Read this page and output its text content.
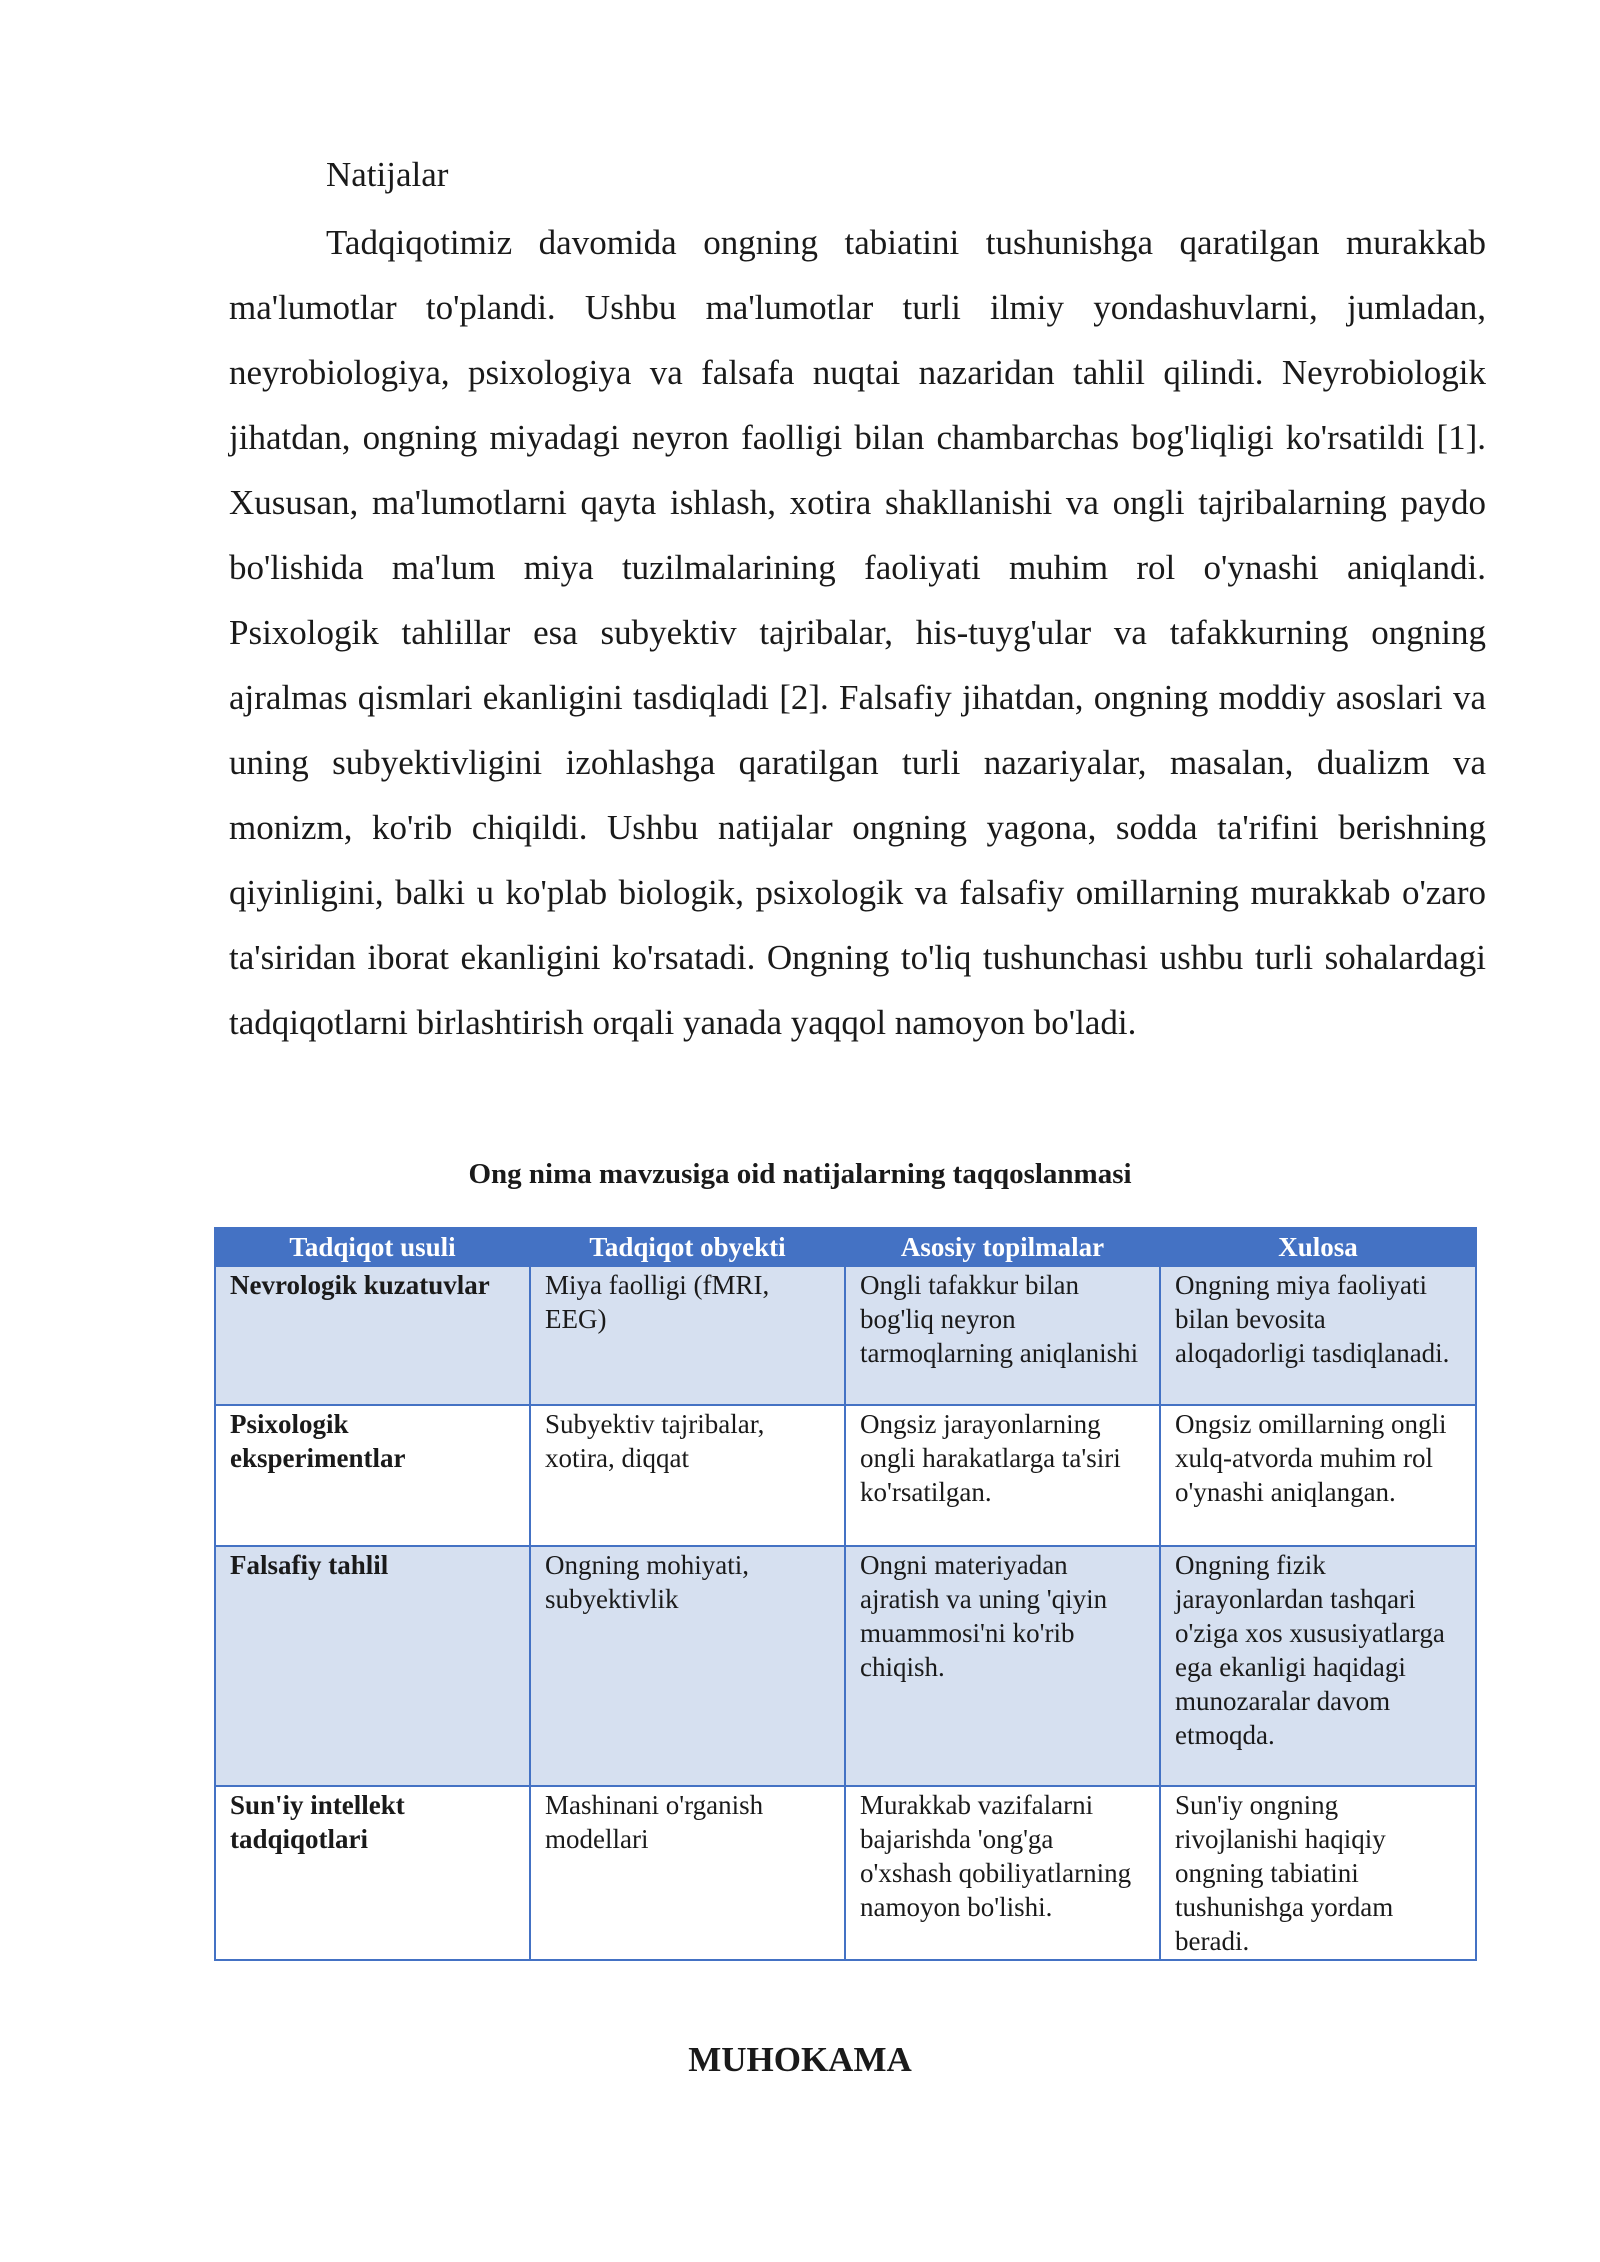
Natijalar

Tadqiqotimiz davomida ongning tabiatini tushunishga qaratilgan murakkab ma'lumotlar to'plandi. Ushbu ma'lumotlar turli ilmiy yondashuvlarni, jumladan, neyrobiologiya, psixologiya va falsafa nuqtai nazaridan tahlil qilindi. Neyrobiologik jihatdan, ongning miyadagi neyron faolligi bilan chambarchas bog'liqligi ko'rsatildi [1]. Xususan, ma'lumotlarni qayta ishlash, xotira shakllanishi va ongli tajribalarning paydo bo'lishida ma'lum miya tuzilmalarining faoliyati muhim rol o'ynashi aniqlandi. Psixologik tahlillar esa subyektiv tajribalar, his-tuyg'ular va tafakkurning ongning ajralmas qismlari ekanligini tasdiqladi [2]. Falsafiy jihatdan, ongning moddiy asoslari va uning subyektivligini izohlashga qaratilgan turli nazariyalar, masalan, dualizm va monizm, ko'rib chiqildi. Ushbu natijalar ongning yagona, sodda ta'rifini berishning qiyinligini, balki u ko'plab biologik, psixologik va falsafiy omillarning murakkab o'zaro ta'siridan iborat ekanligini ko'rsatadi. Ongning to'liq tushunchasi ushbu turli sohalardagi tadqiqotlarni birlashtirish orqali yanada yaqqol namoyon bo'ladi.

Ong nima mavzusiga oid natijalarning taqqoslanmasi

Tadqiqot usuli	Tadqiqot obyekti	Asosiy topilmalar	Xulosa
Nevrologik kuzatuvlar	Miya faolligi (fMRI, EEG)	Ongli tafakkur bilan bog'liq neyron tarmoqlarning aniqlanishi	Ongning miya faoliyati bilan bevosita aloqadorligi tasdiqlanadi.
Psixologik eksperimentlar	Subyektiv tajribalar, xotira, diqqat	Ongsiz jarayonlarning ongli harakatlarga ta'siri ko'rsatilgan.	Ongsiz omillarning ongli xulq-atvorda muhim rol o'ynashi aniqlangan.
Falsafiy tahlil	Ongning mohiyati, subyektivlik	Ongni materiyadan ajratish va uning 'qiyin muammosi'ni ko'rib chiqish.	Ongning fizik jarayonlardan tashqari o'ziga xos xususiyatlarga ega ekanligi haqidagi munozaralar davom etmoqda.
Sun'iy intellekt tadqiqotlari	Mashinani o'rganish modellari	Murakkab vazifalarni bajarishda 'ong'ga o'xshash qobiliyatlarning namoyon bo'lishi.	Sun'iy ongning rivojlanishi haqiqiy ongning tabiatini tushunishga yordam beradi.

MUHOKAMA
